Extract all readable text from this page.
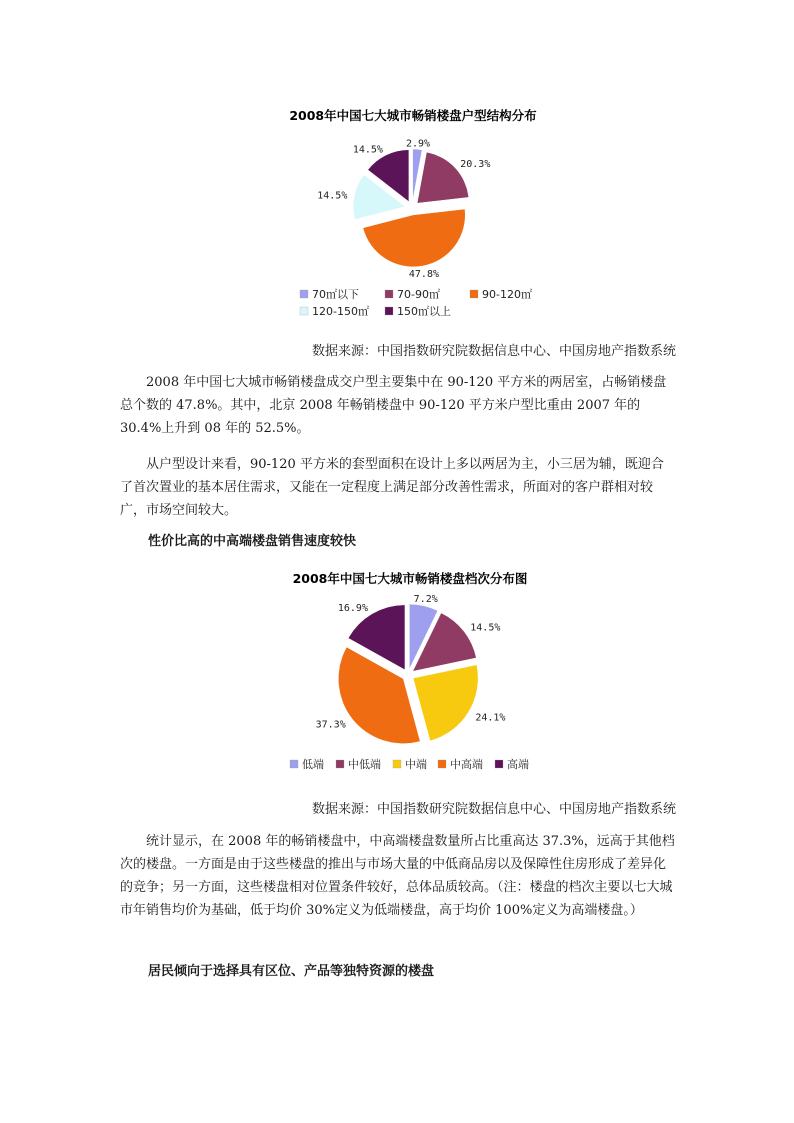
2008年中国七大城市畅销楼盘户型结构分布
2.9%
20.3%
47.8%
14.5%
14.5%
70㎡以下	70-90㎡	90-120㎡
120-150㎡	150㎡以上

数据来源：中国指数研究院数据信息中心、中国房地产指数系统

2008 年中国七大城市畅销楼盘成交户型主要集中在 90-120 平方米的两居室，占畅销楼盘总个数的 47.8%。其中，北京 2008 年畅销楼盘中 90-120 平方米户型比重由 2007 年的 30.4%上升到 08 年的 52.5%。

从户型设计来看，90-120 平方米的套型面积在设计上多以两居为主，小三居为辅，既迎合了首次置业的基本居住需求，又能在一定程度上满足部分改善性需求，所面对的客户群相对较广，市场空间较大。

性价比高的中高端楼盘销售速度较快
2008年中国七大城市畅销楼盘档次分布图
7.2%
14.5%
24.1%
37.3%
16.9%
低端 中低端 中端 中高端 高端

数据来源：中国指数研究院数据信息中心、中国房地产指数系统

统计显示，在 2008 年的畅销楼盘中，中高端楼盘数量所占比重高达 37.3%，远高于其他档次的楼盘。一方面是由于这些楼盘的推出与市场大量的中低商品房以及保障性住房形成了差异化的竞争；另一方面，这些楼盘相对位置条件较好，总体品质较高。（注：楼盘的档次主要以七大城市年销售均价为基础，低于均价 30%定义为低端楼盘，高于均价 100%定义为高端楼盘。）

居民倾向于选择具有区位、产品等独特资源的楼盘
